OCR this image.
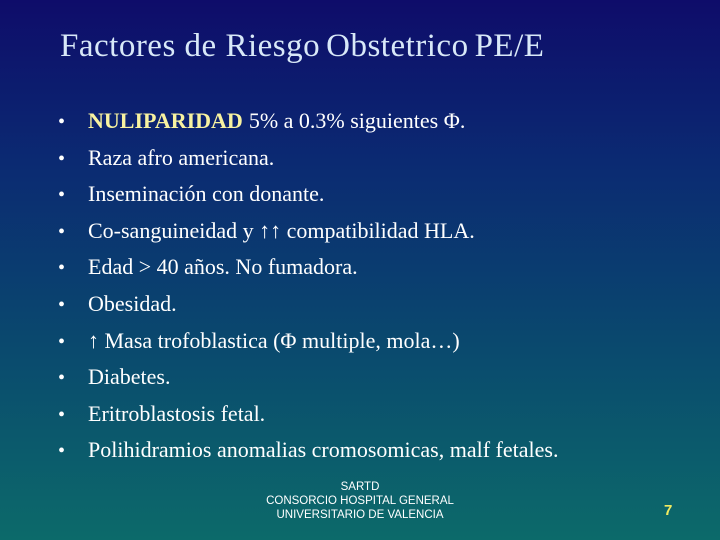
Factores de Riesgo Obstetrico PE/E
•	NULIPARIDAD 5% a 0.3% siguientes Φ.
•	Raza afro americana.
•	Inseminación con donante.
•	Co-sanguineidad y ↑↑ compatibilidad HLA.
•	Edad > 40 años. No fumadora.
•	Obesidad.
•	↑ Masa trofoblastica (Φ multiple, mola…)
•	Diabetes.
•	Eritroblastosis fetal.
•	Polihidramios anomalias cromosomicas, malf fetales.
SARTD
CONSORCIO HOSPITAL GENERAL
UNIVERSITARIO DE VALENCIA	7
